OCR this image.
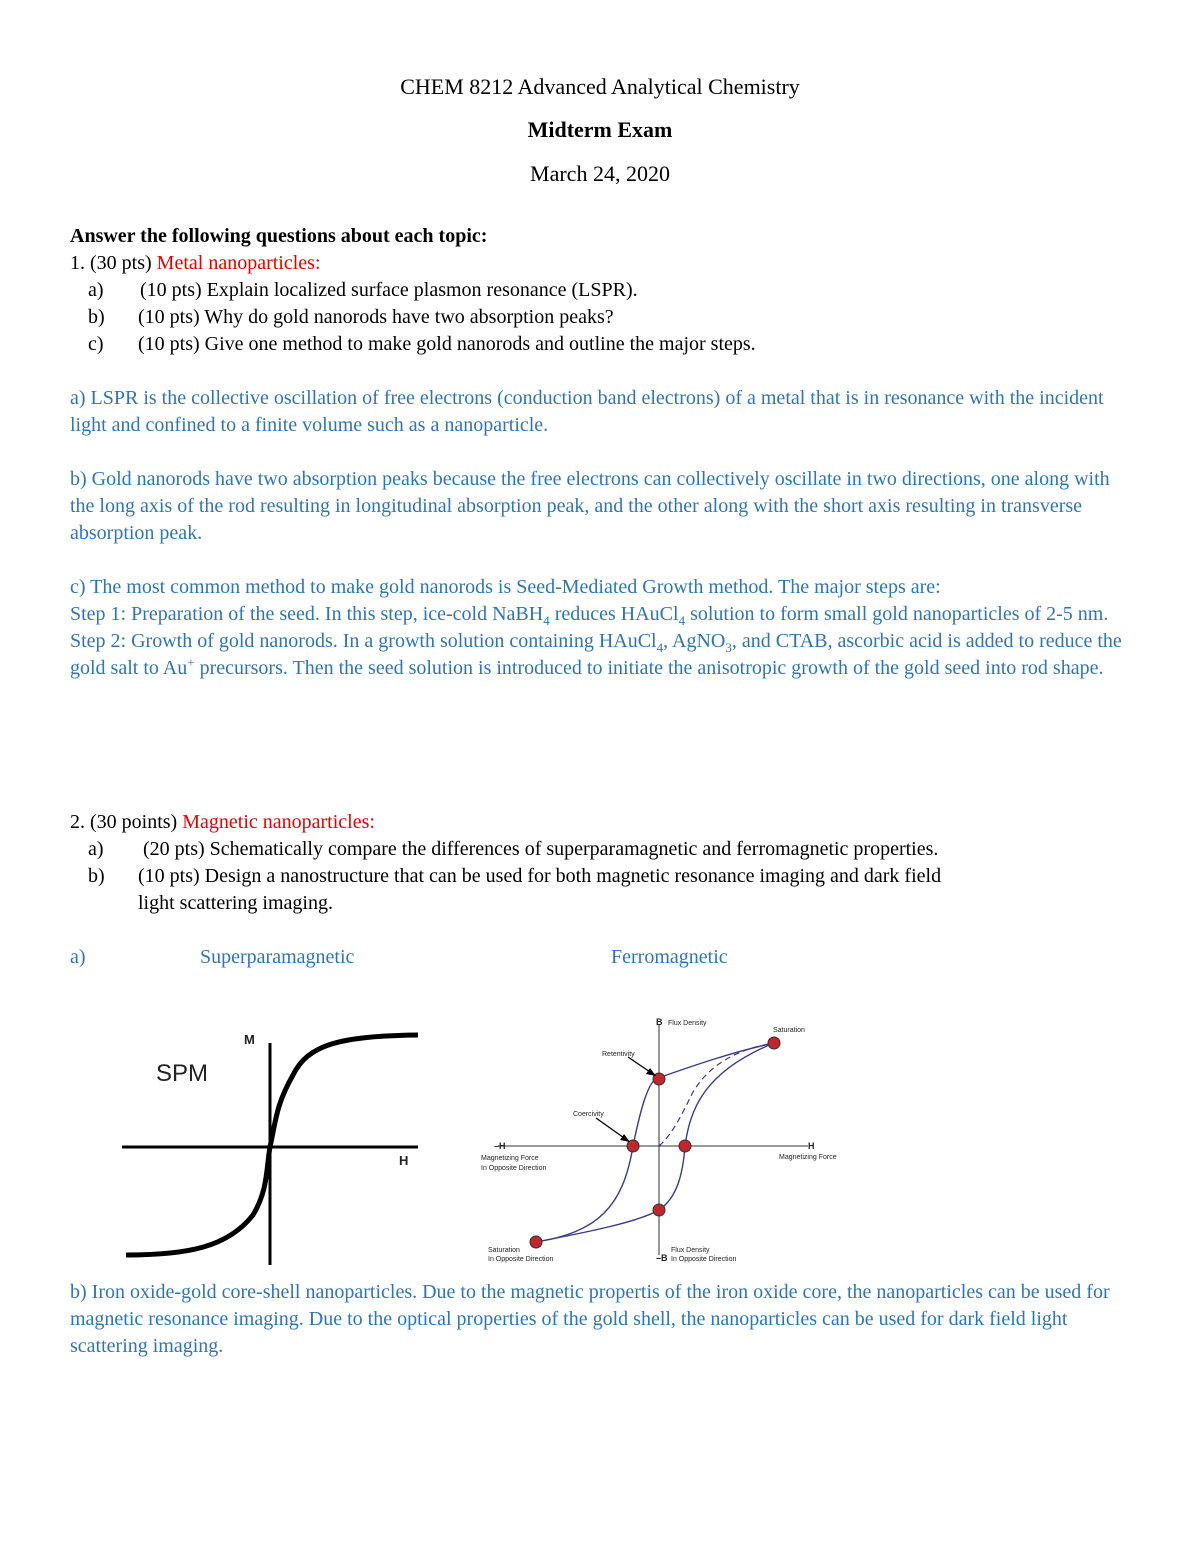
CHEM 8212 Advanced Analytical Chemistry
Midterm Exam
March 24, 2020
Answer the following questions about each topic:
1. (30 pts) Metal nanoparticles:
a) (10 pts) Explain localized surface plasmon resonance (LSPR).
b) (10 pts) Why do gold nanorods have two absorption peaks?
c) (10 pts) Give one method to make gold nanorods and outline the major steps.

a) LSPR is the collective oscillation of free electrons (conduction band electrons) of a metal that is in resonance with the incident light and confined to a finite volume such as a nanoparticle.

b) Gold nanorods have two absorption peaks because the free electrons can collectively oscillate in two directions, one along with the long axis of the rod resulting in longitudinal absorption peak, and the other along with the short axis resulting in transverse absorption peak.

c) The most common method to make gold nanorods is Seed-Mediated Growth method. The major steps are:

Step 1: Preparation of the seed. In this step, ice-cold NaBH$_4$ reduces HAuCl$_4$ solution to form small gold nanoparticles of 2-5 nm.

Step 2: Growth of gold nanorods. In a growth solution containing HAuCl$_4$, AgNO$_3$, and CTAB, ascorbic acid is added to reduce the gold salt to Au+ precursors. Then the seed solution is introduced to initiate the anisotropic growth of the gold seed into rod shape.

2. (30 points) Magnetic nanoparticles:
a) (20 pts) Schematically compare the differences of superparamagnetic and ferromagnetic properties.
b) (10 pts) Design a nanostructure that can be used for both magnetic resonance imaging and dark field
light scattering imaging.
a)	Superparamagnetic	Ferromagnetic
SPM
M
H
B Flux Density
Saturation
Retentivity
Coercivity
–H
Magnetizing Force
In Opposite Direction
H
Magnetizing Force
Saturation
In Opposite Direction	–B
Flux Density
In Opposite Direction

b) Iron oxide-gold core-shell nanoparticles. Due to the magnetic propertis of the iron oxide core, the nanoparticles can be used for magnetic resonance imaging. Due to the optical properties of the gold shell, the nanoparticles can be used for dark field light scattering imaging.
